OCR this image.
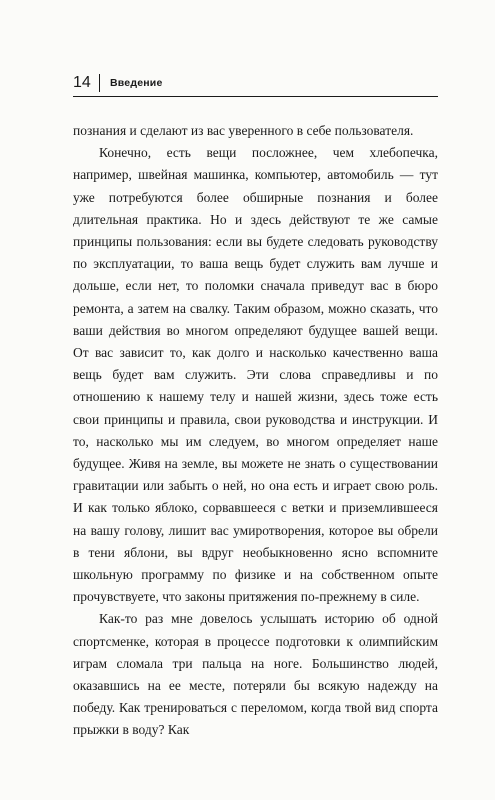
14 Введение

познания и сделают из вас уверенного в себе пользователя.

Конечно, есть вещи посложнее, чем хлебопечка, например, швейная машинка, компьютер, автомобиль — тут уже потребуются более обширные познания и более длительная практика. Но и здесь действуют те же самые принципы пользования: если вы будете следовать руководству по эксплуатации, то ваша вещь будет служить вам лучше и дольше, если нет, то поломки сначала приведут вас в бюро ремонта, а затем на свалку. Таким образом, можно сказать, что ваши действия во многом определяют будущее вашей вещи. От вас зависит то, как долго и насколько качественно ваша вещь будет вам служить. Эти слова справедливы и по отношению к нашему телу и нашей жизни, здесь тоже есть свои принципы и правила, свои руководства и инструкции. И то, насколько мы им следуем, во многом определяет наше будущее. Живя на земле, вы можете не знать о существовании гравитации или забыть о ней, но она есть и играет свою роль. И как только яблоко, сорвавшееся с ветки и приземлившееся на вашу голову, лишит вас умиротворения, которое вы обрели в тени яблони, вы вдруг необыкновенно ясно вспомните школьную программу по физике и на собственном опыте прочувствуете, что законы притяжения по-прежнему в силе.

Как-то раз мне довелось услышать историю об одной спортсменке, которая в процессе подготовки к олимпийским играм сломала три пальца на ноге. Большинство людей, оказавшись на ее месте, потеряли бы всякую надежду на победу. Как тренироваться с переломом, когда твой вид спорта прыжки в воду? Как
